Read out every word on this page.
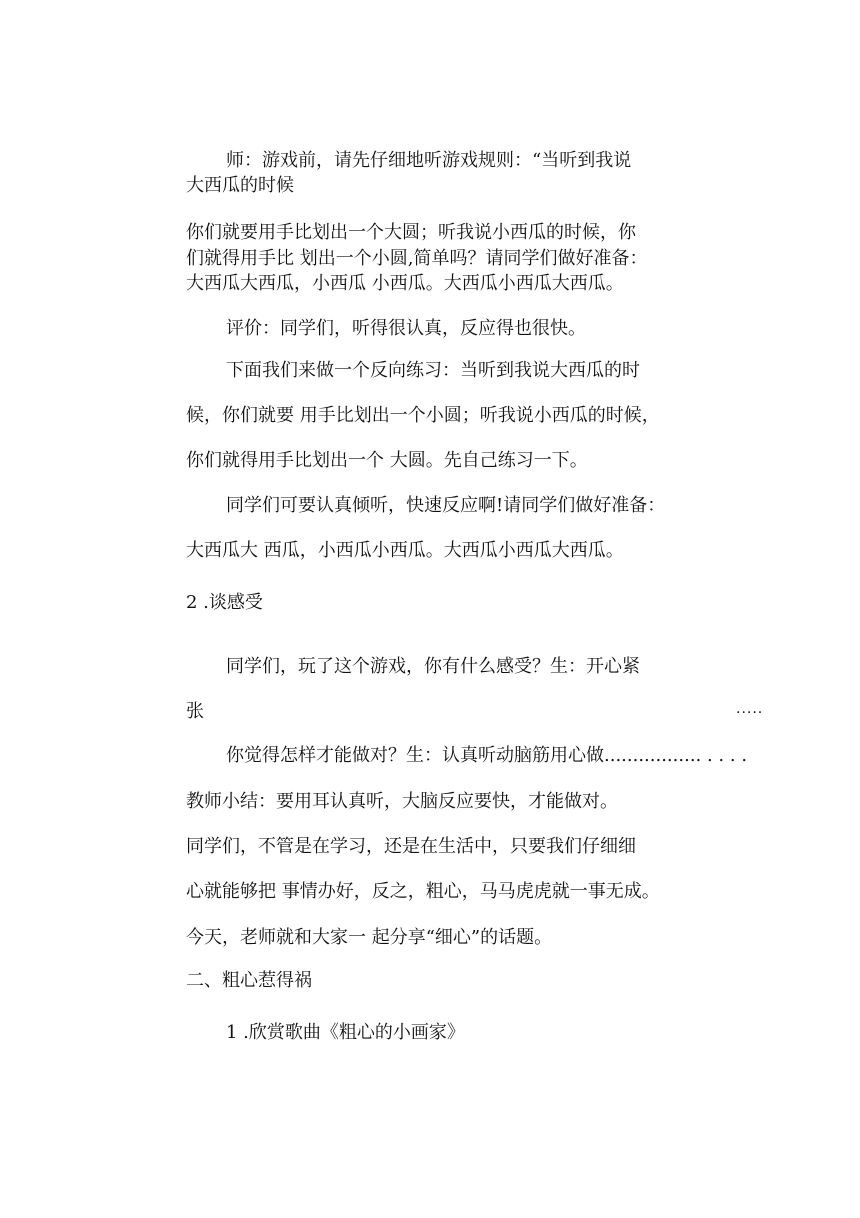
师：游戏前，请先仔细地听游戏规则：“当听到我说
大西瓜的时候
你们就要用手比划出一个大圆；听我说小西瓜的时候，你
们就得用手比 划出一个小圆,简单吗？请同学们做好准备：
大西瓜大西瓜，小西瓜 小西瓜。大西瓜小西瓜大西瓜。
评价：同学们，听得很认真，反应得也很快。
下面我们来做一个反向练习：当听到我说大西瓜的时
候，你们就要 用手比划出一个小圆；听我说小西瓜的时候，
你们就得用手比划出一个 大圆。先自己练习一下。
同学们可要认真倾听，快速反应啊!请同学们做好准备：
大西瓜大 西瓜，小西瓜小西瓜。大西瓜小西瓜大西瓜。
2 .谈感受
同学们，玩了这个游戏，你有什么感受？生：开心紧
张	.....
你觉得怎样才能做对？生：认真听动脑筋用心做................. . . . .
教师小结：要用耳认真听，大脑反应要快，才能做对。
同学们，不管是在学习，还是在生活中，只要我们仔细细
心就能够把 事情办好，反之，粗心，马马虎虎就一事无成。
今天，老师就和大家一 起分享“细心”的话题。
二、粗心惹得祸
1 .欣赏歌曲《粗心的小画家》
